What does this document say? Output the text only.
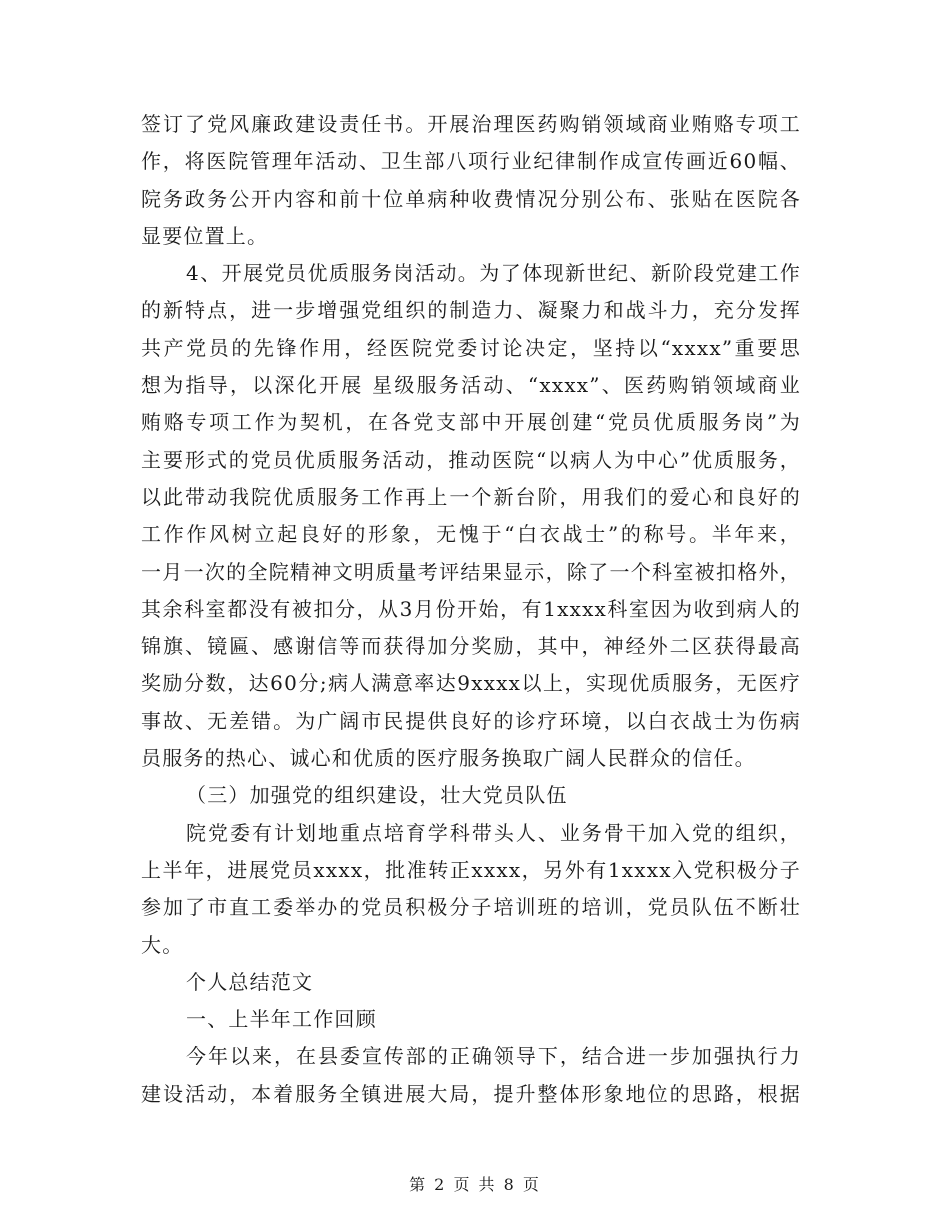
签订了党风廉政建设责任书。开展治理医药购销领域商业贿赂专项工
作，将医院管理年活动、卫生部八项行业纪律制作成宣传画近60幅、
院务政务公开内容和前十位单病种收费情况分别公布、张贴在医院各
显要位置上。
4、开展党员优质服务岗活动。为了体现新世纪、新阶段党建工作
的新特点，进一步增强党组织的制造力、凝聚力和战斗力，充分发挥
共产党员的先锋作用，经医院党委讨论决定，坚持以“xxxx”重要思
想为指导，以深化开展 星级服务活动、“xxxx”、医药购销领域商业
贿赂专项工作为契机，在各党支部中开展创建“党员优质服务岗”为
主要形式的党员优质服务活动，推动医院“以病人为中心”优质服务，
以此带动我院优质服务工作再上一个新台阶，用我们的爱心和良好的
工作作风树立起良好的形象，无愧于“白衣战士”的称号。半年来，
一月一次的全院精神文明质量考评结果显示，除了一个科室被扣格外，
其余科室都没有被扣分，从3月份开始，有1xxxx科室因为收到病人的
锦旗、镜匾、感谢信等而获得加分奖励，其中，神经外二区获得最高
奖励分数，达60分;病人满意率达9xxxx以上，实现优质服务，无医疗
事故、无差错。为广阔市民提供良好的诊疗环境，以白衣战士为伤病
员服务的热心、诚心和优质的医疗服务换取广阔人民群众的信任。
（三）加强党的组织建设，壮大党员队伍
院党委有计划地重点培育学科带头人、业务骨干加入党的组织，
上半年，进展党员xxxx，批准转正xxxx，另外有1xxxx入党积极分子
参加了市直工委举办的党员积极分子培训班的培训，党员队伍不断壮
大。
个人总结范文
一、上半年工作回顾
今年以来，在县委宣传部的正确领导下，结合进一步加强执行力
建设活动，本着服务全镇进展大局，提升整体形象地位的思路，根据
第 2 页 共 8 页
